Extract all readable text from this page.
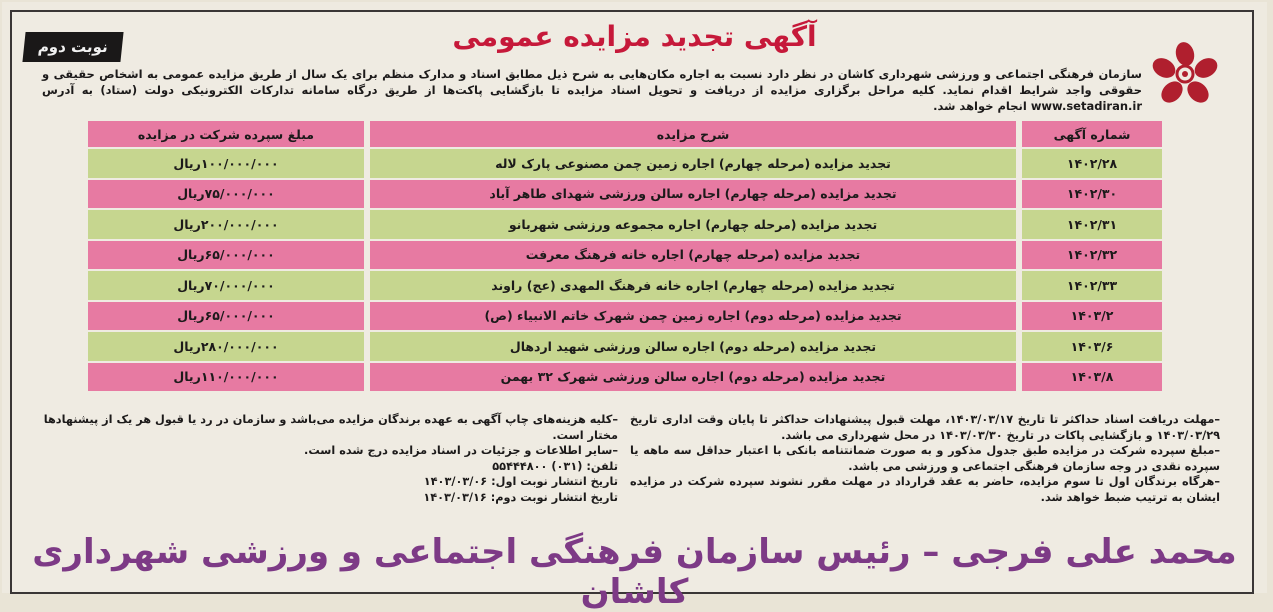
نوبت دوم	آگهی تجدید مزایده عمومی
سازمان فرهنگی اجتماعی و ورزشی شهرداری کاشان در نظر دارد نسبت به اجاره مکان‌هایی به شرح ذیل مطابق اسناد و مدارک منظم برای یک سال از طریق مزایده عمومی به اشخاص حقیقی و حقوقی واجد شرایط اقدام نماید. کلیه مراحل برگزاری مزایده از دریافت و تحویل اسناد مزایده تا بازگشایی پاکت‌ها از طریق درگاه سامانه تدارکات الکترونیکی دولت (ستاد) به آدرس www.setadiran.ir انجام خواهد شد.
شماره آگهی	شرح مزایده	مبلغ سپرده شرکت در مزایده
۱۴۰۲/۲۸	تجدید مزایده (مرحله چهارم) اجاره زمین چمن مصنوعی پارک لاله	۱۰۰/۰۰۰/۰۰۰ریال
۱۴۰۲/۳۰	تجدید مزایده (مرحله چهارم) اجاره سالن ورزشی شهدای طاهر آباد	۷۵/۰۰۰/۰۰۰ریال
۱۴۰۲/۳۱	تجدید مزایده (مرحله چهارم) اجاره مجموعه ورزشی شهربانو	۲۰۰/۰۰۰/۰۰۰ریال
۱۴۰۲/۳۲	تجدید مزایده (مرحله چهارم) اجاره خانه فرهنگ معرفت	۶۵/۰۰۰/۰۰۰ریال
۱۴۰۲/۳۳	تجدید مزایده (مرحله چهارم) اجاره خانه فرهنگ المهدی (عج) راوند	۷۰/۰۰۰/۰۰۰ریال
۱۴۰۳/۲	تجدید مزایده (مرحله دوم) اجاره زمین چمن شهرک خاتم الانبیاء (ص)	۶۵/۰۰۰/۰۰۰ریال
۱۴۰۳/۶	تجدید مزایده (مرحله دوم) اجاره سالن ورزشی شهید اردهال	۲۸۰/۰۰۰/۰۰۰ریال
۱۴۰۳/۸	تجدید مزایده (مرحله دوم) اجاره سالن ورزشی شهرک ۳۲ بهمن	۱۱۰/۰۰۰/۰۰۰ریال

–مهلت دریافت اسناد حداکثر تا تاریخ ۱۴۰۳/۰۳/۱۷، مهلت قبول پیشنهادات حداکثر تا پایان وقت اداری تاریخ ۱۴۰۳/۰۳/۲۹ و بازگشایی پاکات در تاریخ ۱۴۰۳/۰۳/۳۰ در محل شهرداری می باشد.

–مبلغ سپرده شرکت در مزایده طبق جدول مذکور و به صورت ضمانتنامه بانکی با اعتبار حداقل سه ماهه یا سپرده نقدی در وجه سازمان فرهنگی اجتماعی و ورزشی می باشد.

–هرگاه برندگان اول تا سوم مزایده، حاضر به عقد قرارداد در مهلت مقرر نشوند سپرده شرکت در مزایده ایشان به ترتیب ضبط خواهد شد.

–کلیه هزینه‌های چاپ آگهی به عهده برندگان مزایده می‌باشد و سازمان در رد یا قبول هر یک از پیشنهادها مختار است.

–سایر اطلاعات و جزئیات در اسناد مزایده درج شده است.

تلفن: ۵۵۴۴۴۸۰۰ (۰۳۱)

تاریخ انتشار نوبت اول: ۱۴۰۳/۰۳/۰۶

تاریخ انتشار نوبت دوم: ۱۴۰۳/۰۳/۱۶

محمد علی فرجی – رئیس سازمان فرهنگی اجتماعی و ورزشی شهرداری کاشان
